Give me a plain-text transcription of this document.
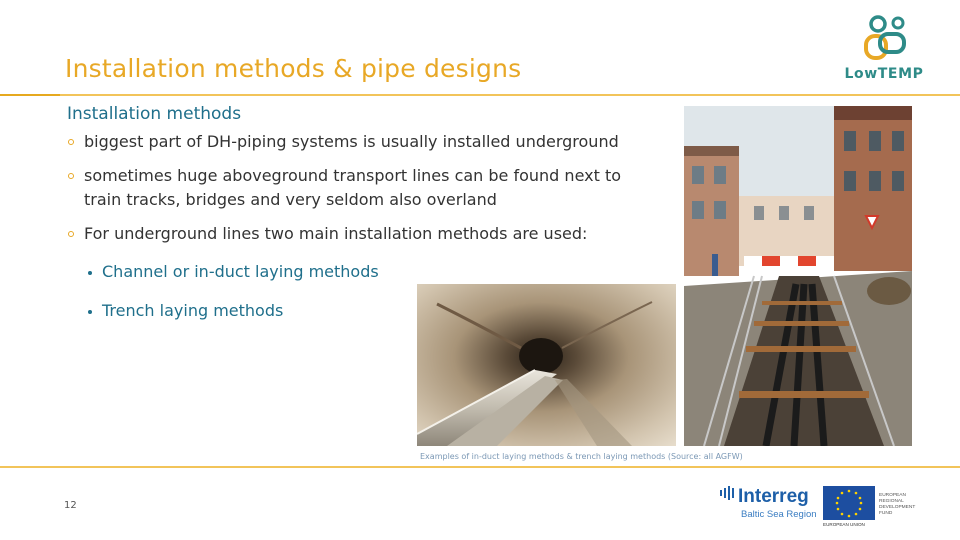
Installation methods & pipe designs	LowTEMP
Installation methods
biggest part of DH-piping systems is usually installed underground
sometimes huge aboveground transport lines can be found next to train tracks, bridges and very seldom also overland
For underground lines two main installation methods are used:
Channel or in-duct laying methods
Trench laying methods
Examples of in-duct laying methods & trench laying methods (Source: all AGFW)
12	Interreg
Baltic Sea Region
EUROPEAN UNION
EUROPEAN
REGIONAL
DEVELOPMENT
FUND
